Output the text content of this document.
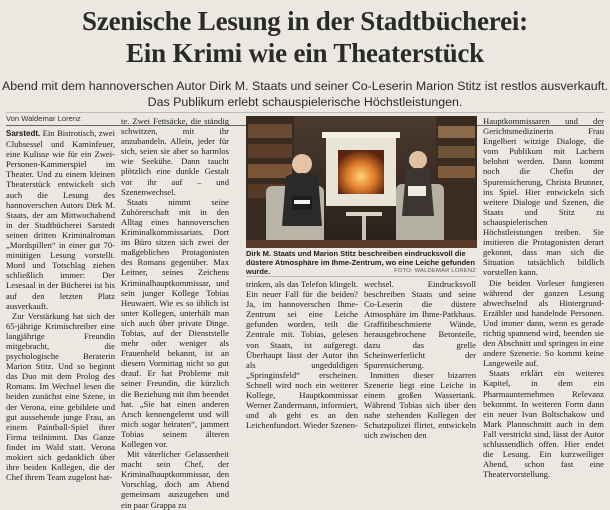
Szenische Lesung in der Stadtbücherei:
Ein Krimi wie ein Theaterstück
Abend mit dem hannoverschen Autor Dirk M. Staats und seiner Co-Leserin Marion Stitz ist restlos ausverkauft.
Das Publikum erlebt schauspielerische Höchstleistungen.
Von Waldemar Lorenz

Sarstedt. Ein Bistrotisch, zwei Clubsessel und Kaminfeuer, eine Kulisse wie für ein Zwei-Personen-Kammerspiel im Theater. Und zu einem kleinen Theaterstück entwickelt sich auch die Lesung des hannoverschen Autors Dirk M. Staats, der am Mittwochabend in der Stadtbücherei Sarstedt seinen dritten Kriminalroman „Mordspillen“ in einer gut 70-minütigen Lesung vorstellt. Mord und Totschlag ziehen schließlich immer: Der Lesesaal in der Bücherei ist bis auf den letzten Platz ausverkauft.

Zur Verstärkung hat sich der 65-jährige Krimischreiber eine langjährige Freundin mitgebracht, die psychologische Beraterin Marion Stitz. Und so beginnt das Duo mit dem Prolog des Romans. Im Wechsel lesen die beiden zunächst eine Szene, in der Verona, eine gebildete und gut aussehende junge Frau, an einem Paintball-Spiel ihrer Firma teilnimmt. Das Ganze findet im Wald statt. Verona mokiert sich gedanklich über ihre beiden Kollegen, die der Chef ihrem Team zugelost hat-

te. Zwei Fettsäcke, die ständig schwitzen, mit ihr anzubandeln. Allein, jeder für sich, seien sie aber so harmlos wie Seekühe. Dann taucht plötzlich eine dunkle Gestalt vor ihr auf – und Szenenwechsel.

Staats nimmt seine Zuhörerschaft mit in den Alltag eines hannoverschen Kriminalkommissariats. Dort im Büro sitzen sich zwei der maßgeblichen Protagonisten des Romans gegenüber. Max Leitner, seines Zeichens Kriminalhauptkommissar, und sein junger Kollege Tobias Heuwaert. Wie es so üblich ist unter Kollegen, unterhält man sich auch über private Dinge. Tobias, auf der Dienststelle mehr oder weniger als Frauenheld bekannt, ist an diesem Vormittag nicht so gut drauf. Er hat Probleme mit seiner Freundin, die kürzlich die Beziehung mit ihm beendet hat. „Sie hat einen anderen Arsch kennengelernt und will mich sogar heiraten“, jammert Tobias seinem älteren Kollegen vor.

Mit väterlicher Gelassenheit macht sein Chef, der Kriminalhauptkommissar, den Vorschlag, doch am Abend gemeinsam auszugehen und ein paar Grappa zu

Dirk M. Staats und Marion Stitz beschreiben eindrucksvoll die düstere Atmosphäre im Ihme-Zentrum, wo eine Leiche gefunden wurde.	FOTO: WALDEMAR LORENZ

trinken, als das Telefon klingelt. Ein neuer Fall für die beiden? Ja, im hannoverschen Ihme-Zentrum sei eine Leiche gefunden worden, teilt die Zentrale mit. Tobias, gelesen von Staats, ist aufgeregt. Überhaupt lässt der Autor ihn als ungeduldigen „Springinsfeld“ erscheinen. Schnell wird noch ein weiterer Kollege, Hauptkommissar Werner Zandermann, informiert, und ab geht es an den Leichenfundort. Wieder Szenen-

wechsel. Eindrucksvoll beschreiben Staats und seine Co-Leserin die düstere Atmosphäre im Ihme-Parkhaus. Graffitibeschmierte Wände, herausgebrochene Betonteile, dazu das grelle Scheinwerferlicht der Spurensicherung.

Inmitten dieser bizarren Szenerie liegt eine Leiche in einem großen Wassertank. Während Tobias sich über den nahe stehenden Kollegen der Schutzpolizei flirtet, entwickeln sich zwischen den

Hauptkommissaren und der Gerichtsmedizinerin Frau Engelbert witzige Dialoge, die vom Publikum mit Lachern belohnt werden. Dann kommt noch die Chefin der Spurensicherung, Christa Brunner, ins Spiel. Hier entwickeln sich weitere Dialoge und Szenen, die Staats und Stitz zu schauspielerischen Höchstleistungen treiben. Sie imitieren die Protagonisten derart gekonnt, dass man sich die Situation tatsächlich bildlich vorstellen kann.

Die beiden Vorleser fungieren während der ganzen Lesung abwechselnd als Hintergrund-Erzähler und handelnde Personen. Und immer dann, wenn es gerade richtig spannend wird, beenden sie den Abschnitt und springen in eine andere Szenerie. So kommt keine Langeweile auf.

Staats erklärt ein weiteres Kapitel, in dem ein Pharmaunternehmen Relevanz bekommt. In weiteren Form dann ein neuer Ivan Boltschakow und Mark Plannschmitt auch in dem Fall verstrickt sind, lässt der Autor schlussendlich offen. Hier endet die Lesung. Ein kurzweiliger Abend, schon fast eine Theatervorstellung.
